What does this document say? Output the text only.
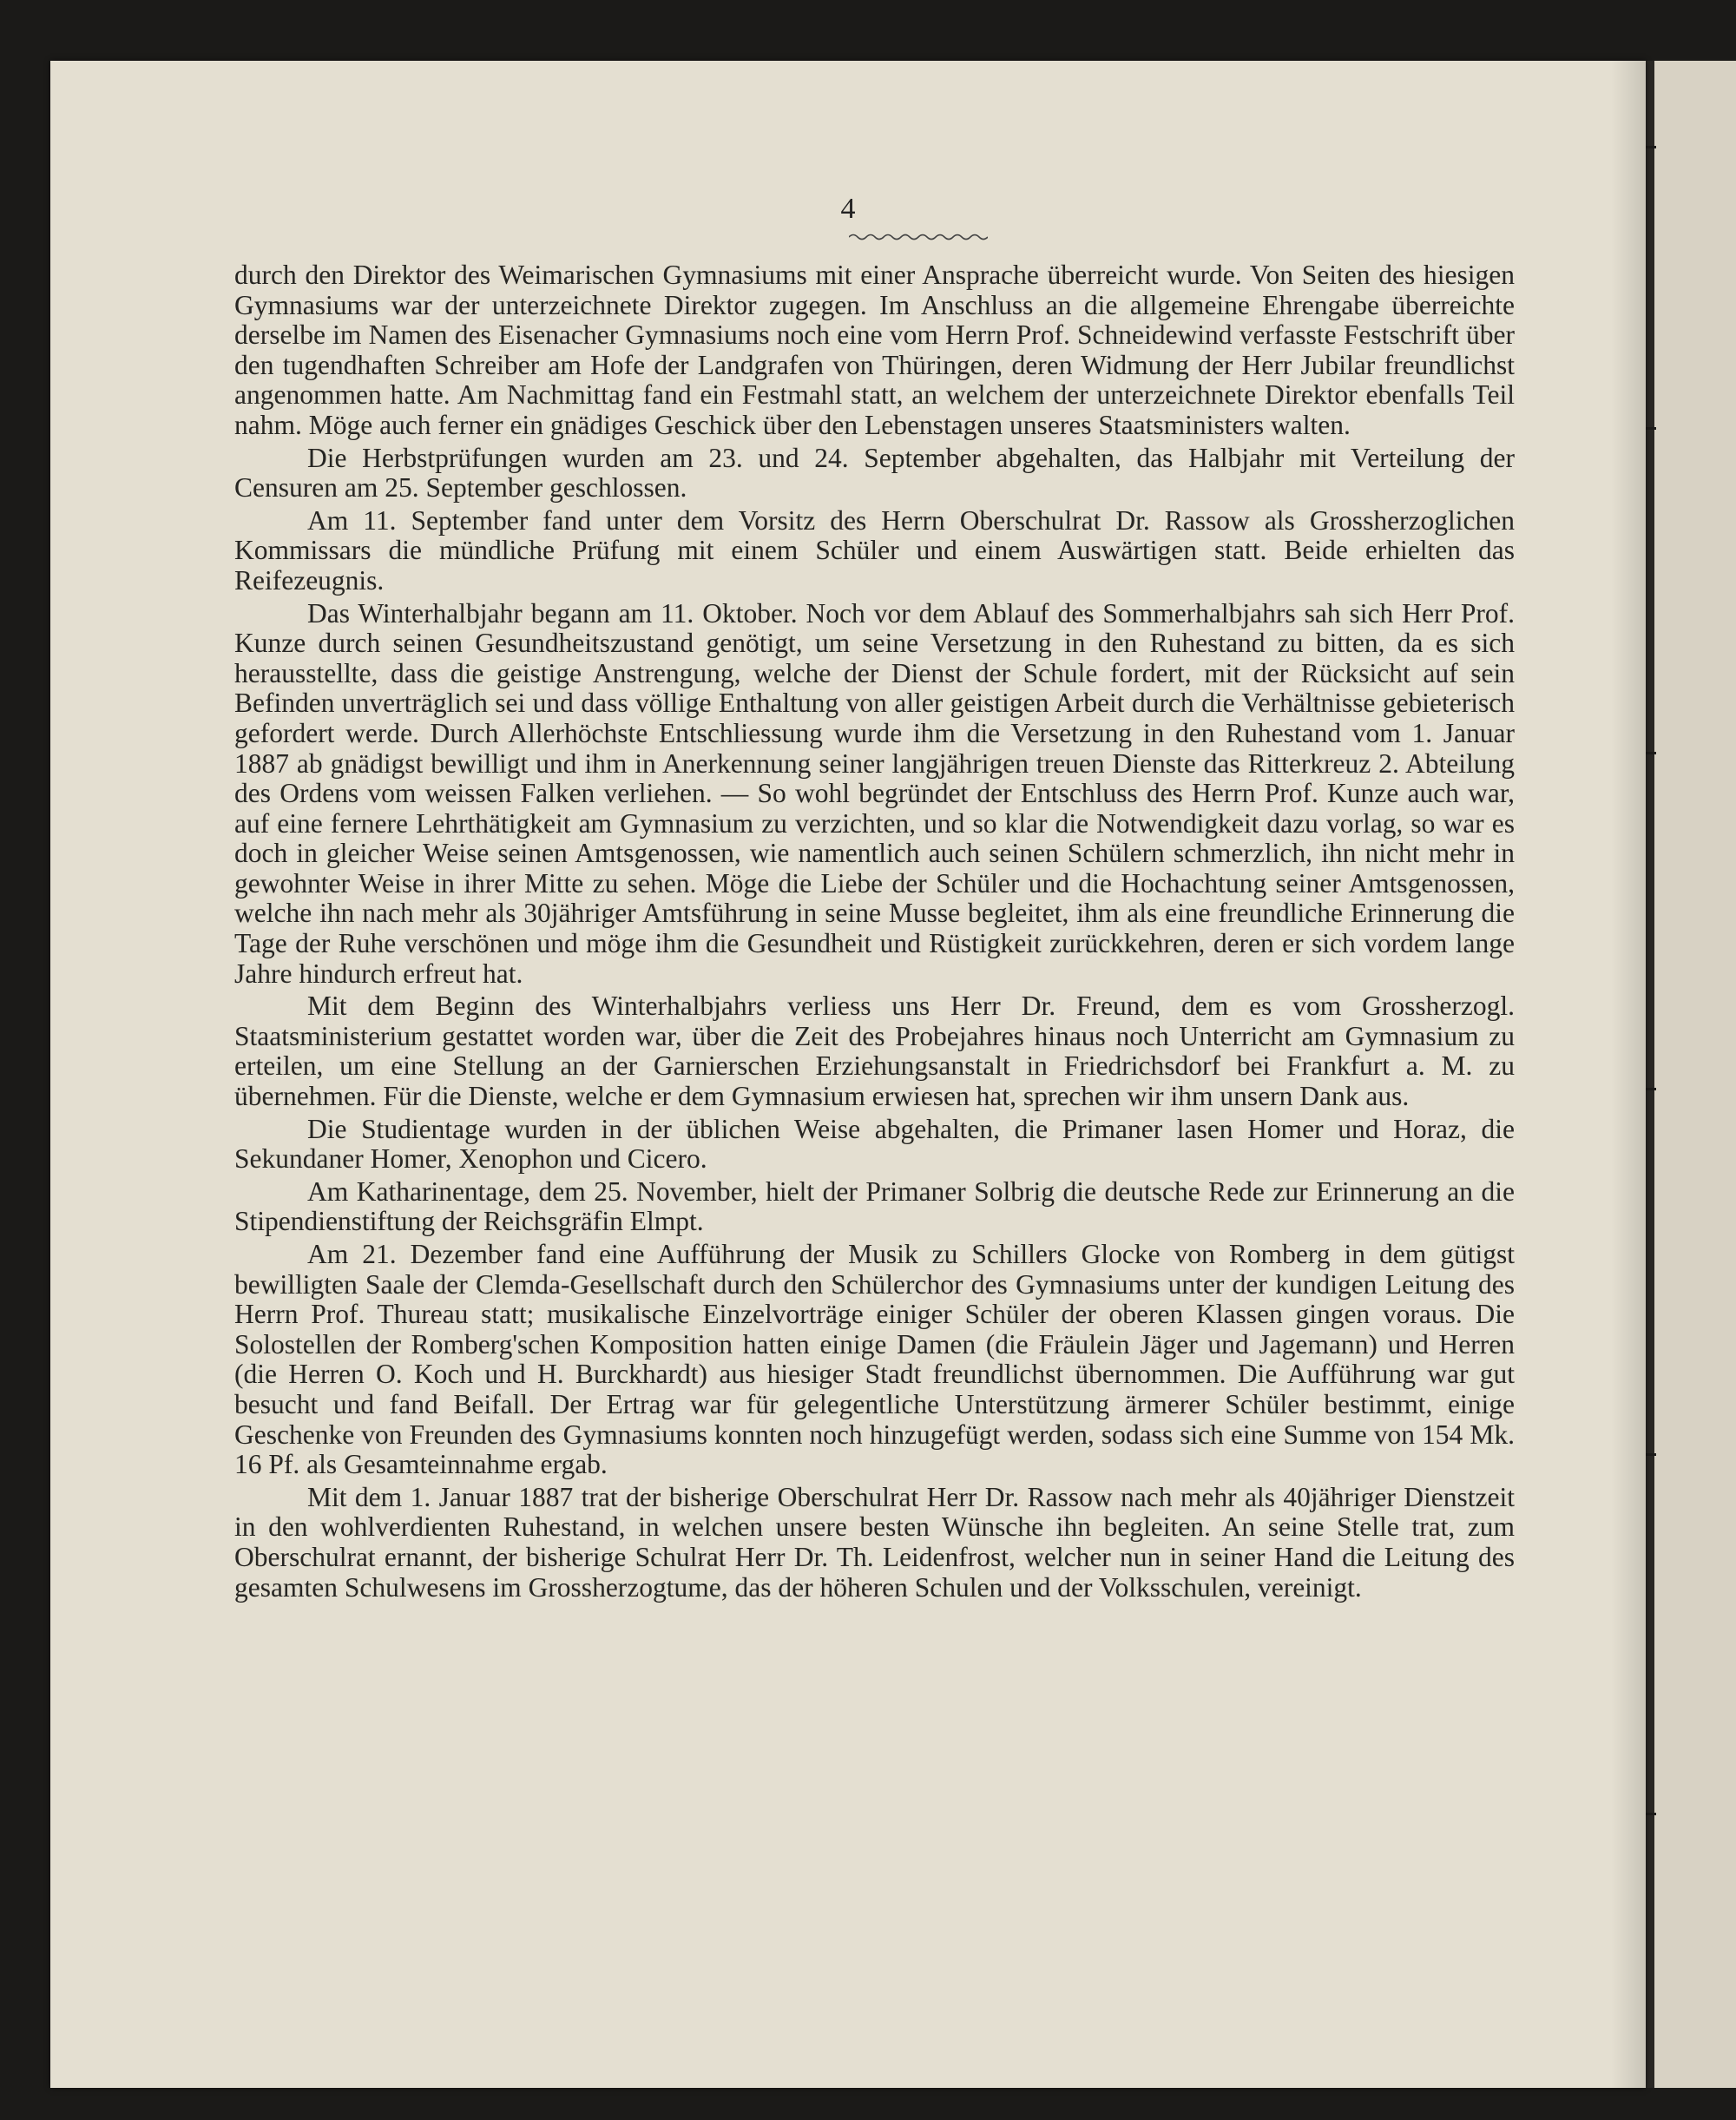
4

durch den Direktor des Weimarischen Gymnasiums mit einer Ansprache überreicht wurde. Von Seiten des hiesigen Gymnasiums war der unterzeichnete Direktor zugegen. Im Anschluss an die allgemeine Ehrengabe überreichte derselbe im Namen des Eisenacher Gymnasiums noch eine vom Herrn Prof. Schneidewind verfasste Festschrift über den tugendhaften Schreiber am Hofe der Landgrafen von Thüringen, deren Widmung der Herr Jubilar freundlichst angenommen hatte. Am Nachmittag fand ein Festmahl statt, an welchem der unterzeichnete Direktor ebenfalls Teil nahm. Möge auch ferner ein gnädiges Geschick über den Lebenstagen unseres Staatsministers walten.

Die Herbstprüfungen wurden am 23. und 24. September abgehalten, das Halbjahr mit Verteilung der Censuren am 25. September geschlossen.

Am 11. September fand unter dem Vorsitz des Herrn Oberschulrat Dr. Rassow als Grossherzoglichen Kommissars die mündliche Prüfung mit einem Schüler und einem Auswärtigen statt. Beide erhielten das Reifezeugnis.

Das Winterhalbjahr begann am 11. Oktober. Noch vor dem Ablauf des Sommerhalbjahrs sah sich Herr Prof. Kunze durch seinen Gesundheitszustand genötigt, um seine Versetzung in den Ruhestand zu bitten, da es sich herausstellte, dass die geistige Anstrengung, welche der Dienst der Schule fordert, mit der Rücksicht auf sein Befinden unverträglich sei und dass völlige Enthaltung von aller geistigen Arbeit durch die Verhältnisse gebieterisch gefordert werde. Durch Allerhöchste Entschliessung wurde ihm die Versetzung in den Ruhestand vom 1. Januar 1887 ab gnädigst bewilligt und ihm in Anerkennung seiner langjährigen treuen Dienste das Ritterkreuz 2. Abteilung des Ordens vom weissen Falken verliehen. — So wohl begründet der Entschluss des Herrn Prof. Kunze auch war, auf eine fernere Lehrthätigkeit am Gymnasium zu verzichten, und so klar die Notwendigkeit dazu vorlag, so war es doch in gleicher Weise seinen Amtsgenossen, wie namentlich auch seinen Schülern schmerzlich, ihn nicht mehr in gewohnter Weise in ihrer Mitte zu sehen. Möge die Liebe der Schüler und die Hochachtung seiner Amtsgenossen, welche ihn nach mehr als 30jähriger Amtsführung in seine Musse begleitet, ihm als eine freundliche Erinnerung die Tage der Ruhe verschönen und möge ihm die Gesundheit und Rüstigkeit zurückkehren, deren er sich vordem lange Jahre hindurch erfreut hat.

Mit dem Beginn des Winterhalbjahrs verliess uns Herr Dr. Freund, dem es vom Grossherzogl. Staatsministerium gestattet worden war, über die Zeit des Probejahres hinaus noch Unterricht am Gymnasium zu erteilen, um eine Stellung an der Garnierschen Erziehungsanstalt in Friedrichsdorf bei Frankfurt a. M. zu übernehmen. Für die Dienste, welche er dem Gymnasium erwiesen hat, sprechen wir ihm unsern Dank aus.

Die Studientage wurden in der üblichen Weise abgehalten, die Primaner lasen Homer und Horaz, die Sekundaner Homer, Xenophon und Cicero.

Am Katharinentage, dem 25. November, hielt der Primaner Solbrig die deutsche Rede zur Erinnerung an die Stipendienstiftung der Reichsgräfin Elmpt.

Am 21. Dezember fand eine Aufführung der Musik zu Schillers Glocke von Romberg in dem gütigst bewilligten Saale der Clemda-Gesellschaft durch den Schülerchor des Gymnasiums unter der kundigen Leitung des Herrn Prof. Thureau statt; musikalische Einzelvorträge einiger Schüler der oberen Klassen gingen voraus. Die Solostellen der Romberg'schen Komposition hatten einige Damen (die Fräulein Jäger und Jagemann) und Herren (die Herren O. Koch und H. Burckhardt) aus hiesiger Stadt freundlichst übernommen. Die Aufführung war gut besucht und fand Beifall. Der Ertrag war für gelegentliche Unterstützung ärmerer Schüler bestimmt, einige Geschenke von Freunden des Gymnasiums konnten noch hinzugefügt werden, sodass sich eine Summe von 154 Mk. 16 Pf. als Gesamteinnahme ergab.

Mit dem 1. Januar 1887 trat der bisherige Oberschulrat Herr Dr. Rassow nach mehr als 40jähriger Dienstzeit in den wohlverdienten Ruhestand, in welchen unsere besten Wünsche ihn begleiten. An seine Stelle trat, zum Oberschulrat ernannt, der bisherige Schulrat Herr Dr. Th. Leidenfrost, welcher nun in seiner Hand die Leitung des gesamten Schulwesens im Grossherzogtume, das der höheren Schulen und der Volksschulen, vereinigt.
